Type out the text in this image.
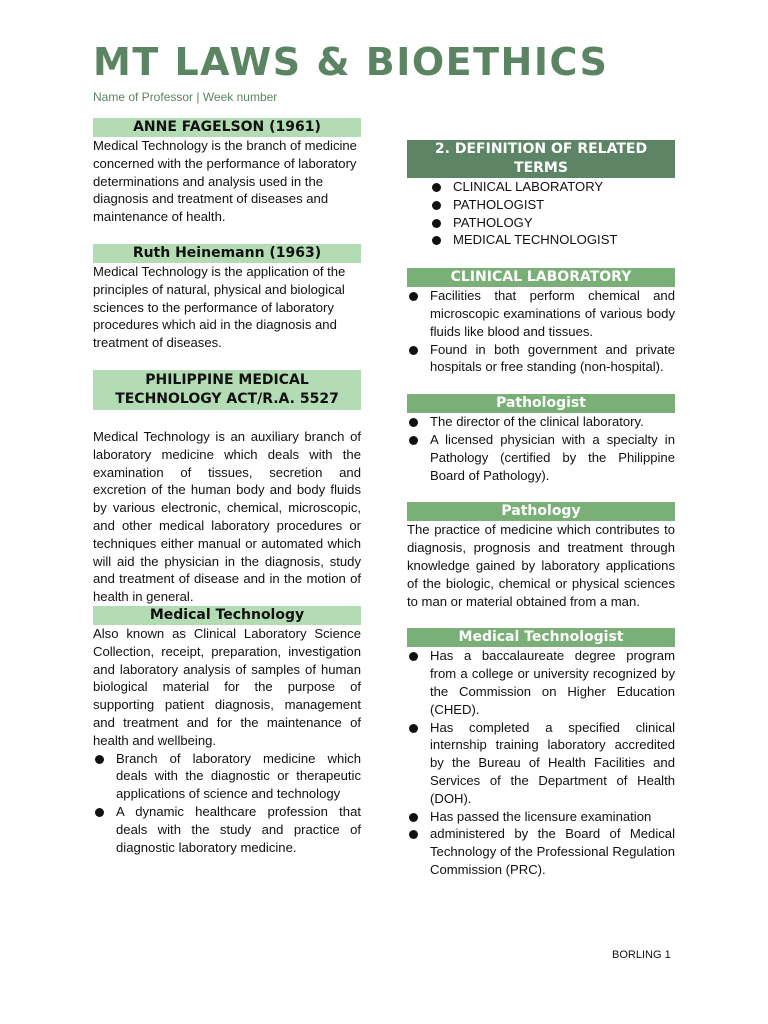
MT LAWS & BIOETHICS
Name of Professor | Week number
ANNE FAGELSON (1961)

Medical Technology is the branch of medicine concerned with the performance of laboratory determinations and analysis used in the diagnosis and treatment of diseases and maintenance of health.

Ruth Heinemann (1963)

Medical Technology is the application of the principles of natural, physical and biological sciences to the performance of laboratory procedures which aid in the diagnosis and treatment of diseases.

PHILIPPINE MEDICAL TECHNOLOGY ACT/R.A. 5527

Medical Technology is an auxiliary branch of laboratory medicine which deals with the examination of tissues, secretion and excretion of the human body and body fluids by various electronic, chemical, microscopic, and other medical laboratory procedures or techniques either manual or automated which will aid the physician in the diagnosis, study and treatment of disease and in the motion of health in general.

Medical Technology

Also known as Clinical Laboratory Science Collection, receipt, preparation, investigation and laboratory analysis of samples of human biological material for the purpose of supporting patient diagnosis, management and treatment and for the maintenance of health and wellbeing.

Branch of laboratory medicine which deals with the diagnostic or therapeutic applications of science and technology
A dynamic healthcare profession that deals with the study and practice of diagnostic laboratory medicine.
2. DEFINITION OF RELATED TERMS
CLINICAL LABORATORY
PATHOLOGIST
PATHOLOGY
MEDICAL TECHNOLOGIST
CLINICAL LABORATORY
Facilities that perform chemical and microscopic examinations of various body fluids like blood and tissues.
Found in both government and private hospitals or free standing (non-hospital).
Pathologist
The director of the clinical laboratory.
A licensed physician with a specialty in Pathology (certified by the Philippine Board of Pathology).
Pathology

The practice of medicine which contributes to diagnosis, prognosis and treatment through knowledge gained by laboratory applications of the biologic, chemical or physical sciences to man or material obtained from a man.

Medical Technologist
Has a baccalaureate degree program from a college or university recognized by the Commission on Higher Education (CHED).
Has completed a specified clinical internship training laboratory accredited by the Bureau of Health Facilities and Services of the Department of Health (DOH).
Has passed the licensure examination
administered by the Board of Medical Technology of the Professional Regulation Commission (PRC).
BORLING 1
